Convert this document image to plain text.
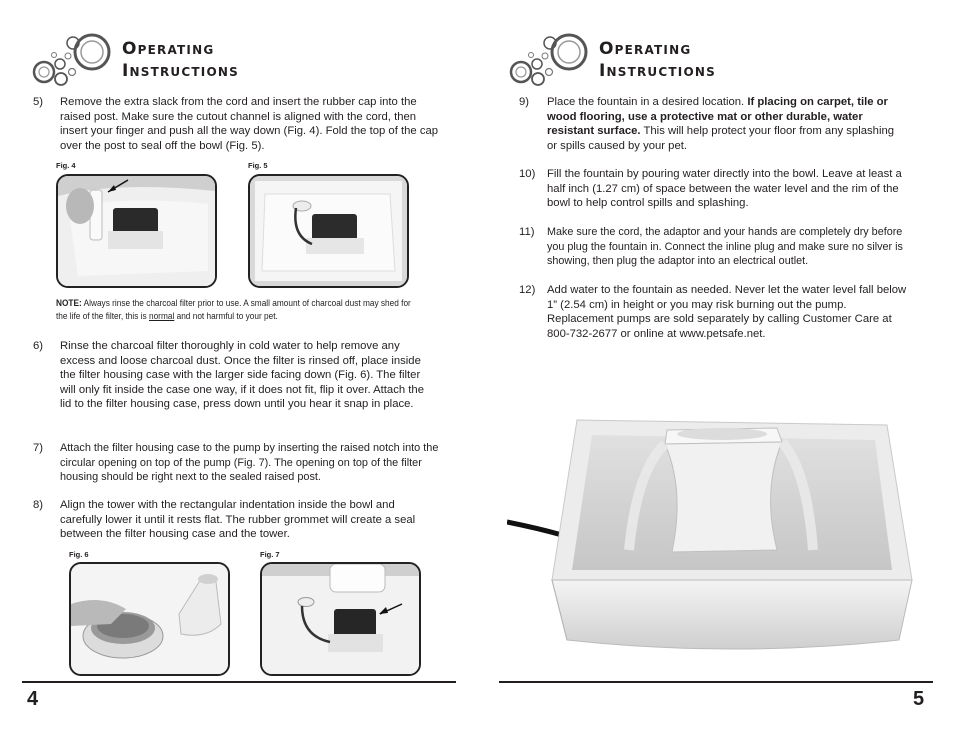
Operating
Instructions
5) Remove the extra slack from the cord and insert the rubber cap into the raised post. Make sure the cutout channel is aligned with the cord, then insert your finger and push all the way down (Fig. 4). Fold the top of the cap over the post to seal off the bowl (Fig. 5).
Fig. 4	Fig. 5
NOTE: Always rinse the charcoal filter prior to use. A small amount of charcoal dust may shed for the life of the filter, this is normal and not harmful to your pet.
6) Rinse the charcoal filter thoroughly in cold water to help remove any excess and loose charcoal dust. Once the filter is rinsed off, place inside the filter housing case with the larger side facing down (Fig. 6). The filter will only fit inside the case one way, if it does not fit, flip it over. Attach the lid to the filter housing case, press down until you hear it snap in place.
7) Attach the filter housing case to the pump by inserting the raised notch into the circular opening on top of the pump (Fig. 7). The opening on top of the filter housing should be right next to the sealed raised post.
8) Align the tower with the rectangular indentation inside the bowl and carefully lower it until it rests flat. The rubber grommet will create a seal between the filter housing case and the tower.
Fig. 6	Fig. 7
4
Operating
Instructions
9) Place the fountain in a desired location. If placing on carpet, tile or wood flooring, use a protective mat or other durable, water resistant surface. This will help protect your floor from any splashing or spills caused by your pet.
10) Fill the fountain by pouring water directly into the bowl. Leave at least a half inch (1.27 cm) of space between the water level and the rim of the bowl to help control spills and splashing.
11) Make sure the cord, the adaptor and your hands are completely dry before you plug the fountain in. Connect the inline plug and make sure no silver is showing, then plug the adaptor into an electrical outlet.
12) Add water to the fountain as needed. Never let the water level fall below 1” (2.54 cm) in height or you may risk burning out the pump. Replacement pumps are sold separately by calling Customer Care at 800-732-2677 or online at www.petsafe.net.
5
